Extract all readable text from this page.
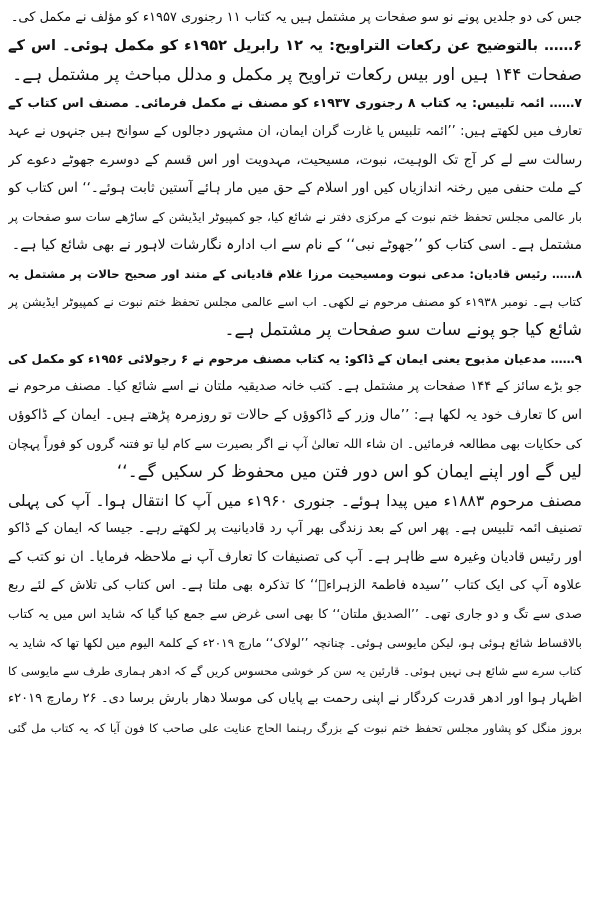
جس کی دو جلدیں پونے نو سو صفحات پر مشتمل ہیں یہ کتاب ۱۱ رجنوری ۱۹۵۷ء کو مؤلف نے مکمل کی۔
۶…… بالتوضیح عن رکعات التراویح: یہ ۱۲ رابریل ۱۹۵۲ء کو مکمل ہوئی۔ اس کے
صفحات ۱۴۴ ہیں اور بیس رکعات تراویح پر مکمل و مدلل مباحث پر مشتمل ہے۔
۷…… ائمہ تلبیس: یہ کتاب ۸ رجنوری ۱۹۳۷ء کو مصنف نے مکمل فرمائی۔ مصنف اس کتاب کے
تعارف میں لکھتے ہیں: ’’ائمہ تلبیس یا غارت گران ایمان، ان مشہور دجالوں کے سوانح ہیں جنہوں نے عہد
رسالت سے لے کر آج تک الوہیت، نبوت، مسیحیت، مہدویت اور اس قسم کے دوسرے جھوٹے دعوے کر
کے ملت حنفی میں رخنہ اندازیاں کیں اور اسلام کے حق میں مار ہائے آستین ثابت ہوئے۔‘‘ اس کتاب کو
بار عالمی مجلس تحفظ ختم نبوت کے مرکزی دفتر نے شائع کیا، جو کمپیوٹر ایڈیشن کے ساڑھے سات سو صفحات پر
مشتمل ہے۔ اسی کتاب کو ’’جھوٹے نبی‘‘ کے نام سے اب ادارہ نگارشات لاہور نے بھی شائع کیا ہے۔
۸…… رئیس قادیان: مدعی نبوت ومسیحیت مرزا غلام قادیانی کے متند اور صحیح حالات پر مشتمل یہ
کتاب ہے۔ نومبر ۱۹۳۸ء کو مصنف مرحوم نے لکھی۔ اب اسے عالمی مجلس تحفظ ختم نبوت نے کمپیوٹر ایڈیشن پر
شائع کیا جو پونے سات سو صفحات پر مشتمل ہے۔
۹…… مدعیان مذبوح یعنی ایمان کے ڈاکو: یہ کتاب مصنف مرحوم نے ۶ رجولائی ۱۹۵۶ء کو مکمل کی
جو بڑے سائز کے ۱۴۴ صفحات پر مشتمل ہے۔ کتب خانہ صدیقیہ ملتان نے اسے شائع کیا۔ مصنف مرحوم نے
اس کا تعارف خود یہ لکھا ہے: ’’مال وزر کے ڈاکوؤں کے حالات تو روزمرہ پڑھتے ہیں۔ ایمان کے ڈاکوؤں
کی حکایات بھی مطالعہ فرمائیں۔ ان شاء اللہ تعالیٰ آپ نے اگر بصیرت سے کام لیا تو فتنہ گروں کو فوراً پہچان
لیں گے اور اپنے ایمان کو اس دور فتن میں محفوظ کر سکیں گے۔‘‘
مصنف مرحوم ۱۸۸۳ء میں پیدا ہوئے۔ جنوری ۱۹۶۰ء میں آپ کا انتقال ہوا۔ آپ کی پہلی
تصنیف ائمہ تلبیس ہے۔ پھر اس کے بعد زندگی بھر آپ رد قادیانیت پر لکھتے رہے۔ جیسا کہ ایمان کے ڈاکو
اور رئیس قادیان وغیرہ سے ظاہر ہے۔ آپ کی تصنیفات کا تعارف آپ نے ملاحظہ فرمایا۔ ان نو کتب کے
علاوہ آپ کی ایک کتاب ’’سیدہ فاطمۃ الزہراءؓ‘‘ کا تذکرہ بھی ملتا ہے۔ اس کتاب کی تلاش کے لئے ربع
صدی سے تگ و دو جاری تھی۔ ’’الصدیق ملتان‘‘ کا بھی اسی غرض سے جمع کیا گیا کہ شاید اس میں یہ کتاب
بالاقساط شائع ہوئی ہو، لیکن مایوسی ہوئی۔ چنانچہ ’’لولاک‘‘ مارچ ۲۰۱۹ء کے کلمۃ الیوم میں لکھا تھا کہ شاید یہ
کتاب سرے سے شائع ہی نہیں ہوئی۔ قارئین یہ سن کر خوشی محسوس کریں گے کہ ادھر ہماری طرف سے مایوسی کا
اظہار ہوا اور ادھر قدرت کردگار نے اپنی رحمت بے پایاں کی موسلا دھار بارش برسا دی۔ ۲۶ رمارچ ۲۰۱۹ء
بروز منگل کو پشاور مجلس تحفظ ختم نبوت کے بزرگ رہنما الحاج عنایت علی صاحب کا فون آیا کہ یہ کتاب مل گئی
